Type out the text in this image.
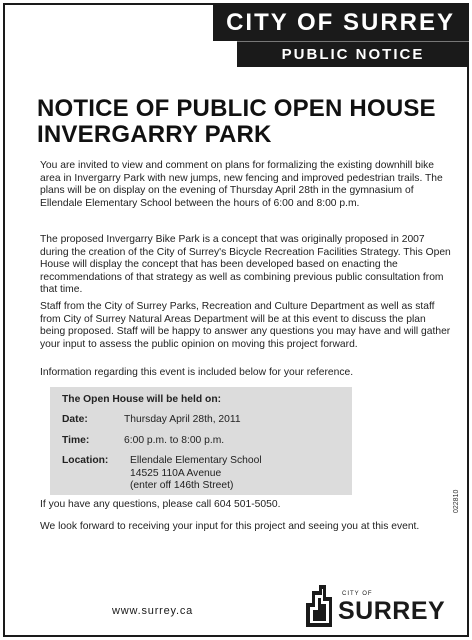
CITY OF SURREY
PUBLIC NOTICE
NOTICE OF PUBLIC OPEN HOUSE
INVERGARRY PARK

You are invited to view and comment on plans for formalizing the existing downhill bike area in Invergarry Park with new jumps, new fencing and improved pedestrian trails. The plans will be on display on the evening of Thursday April 28th in the gymnasium of Ellendale Elementary School between the hours of 6:00 and 8:00 p.m.

The proposed Invergarry Bike Park is a concept that was originally proposed in 2007 during the creation of the City of Surrey's Bicycle Recreation Facilities Strategy. This Open House will display the concept that has been developed based on enacting the recommendations of that strategy as well as combining previous public consultation from that time.

Staff from the City of Surrey Parks, Recreation and Culture Department as well as staff from City of Surrey Natural Areas Department will be at this event to discuss the plan being proposed. Staff will be happy to answer any questions you may have and will gather your input to assess the public opinion on moving this project forward.

Information regarding this event is included below for your reference.

The Open House will be held on:
Date:	Thursday April 28th, 2011
Time:	6:00 p.m. to 8:00 p.m.
Location: Ellendale Elementary School
14525 110A Avenue
(enter off 146th Street)

If you have any questions, please call 604 501-5050.

We look forward to receiving your input for this project and seeing you at this event.

022810
www.surrey.ca
CITY OF
SURREY
